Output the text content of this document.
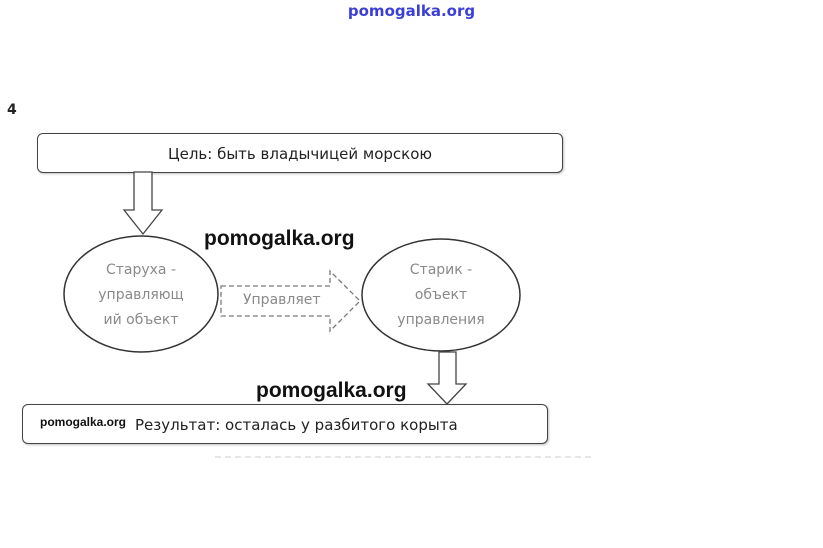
pomogalka.org
4
Цель: быть владычицей морскою
Старуха -
управляющ
ий объект
Управляет
Старик -
объект
управления
pomogalka.org Результат: осталась у разбитого корыта
pomogalka.org
pomogalka.org
